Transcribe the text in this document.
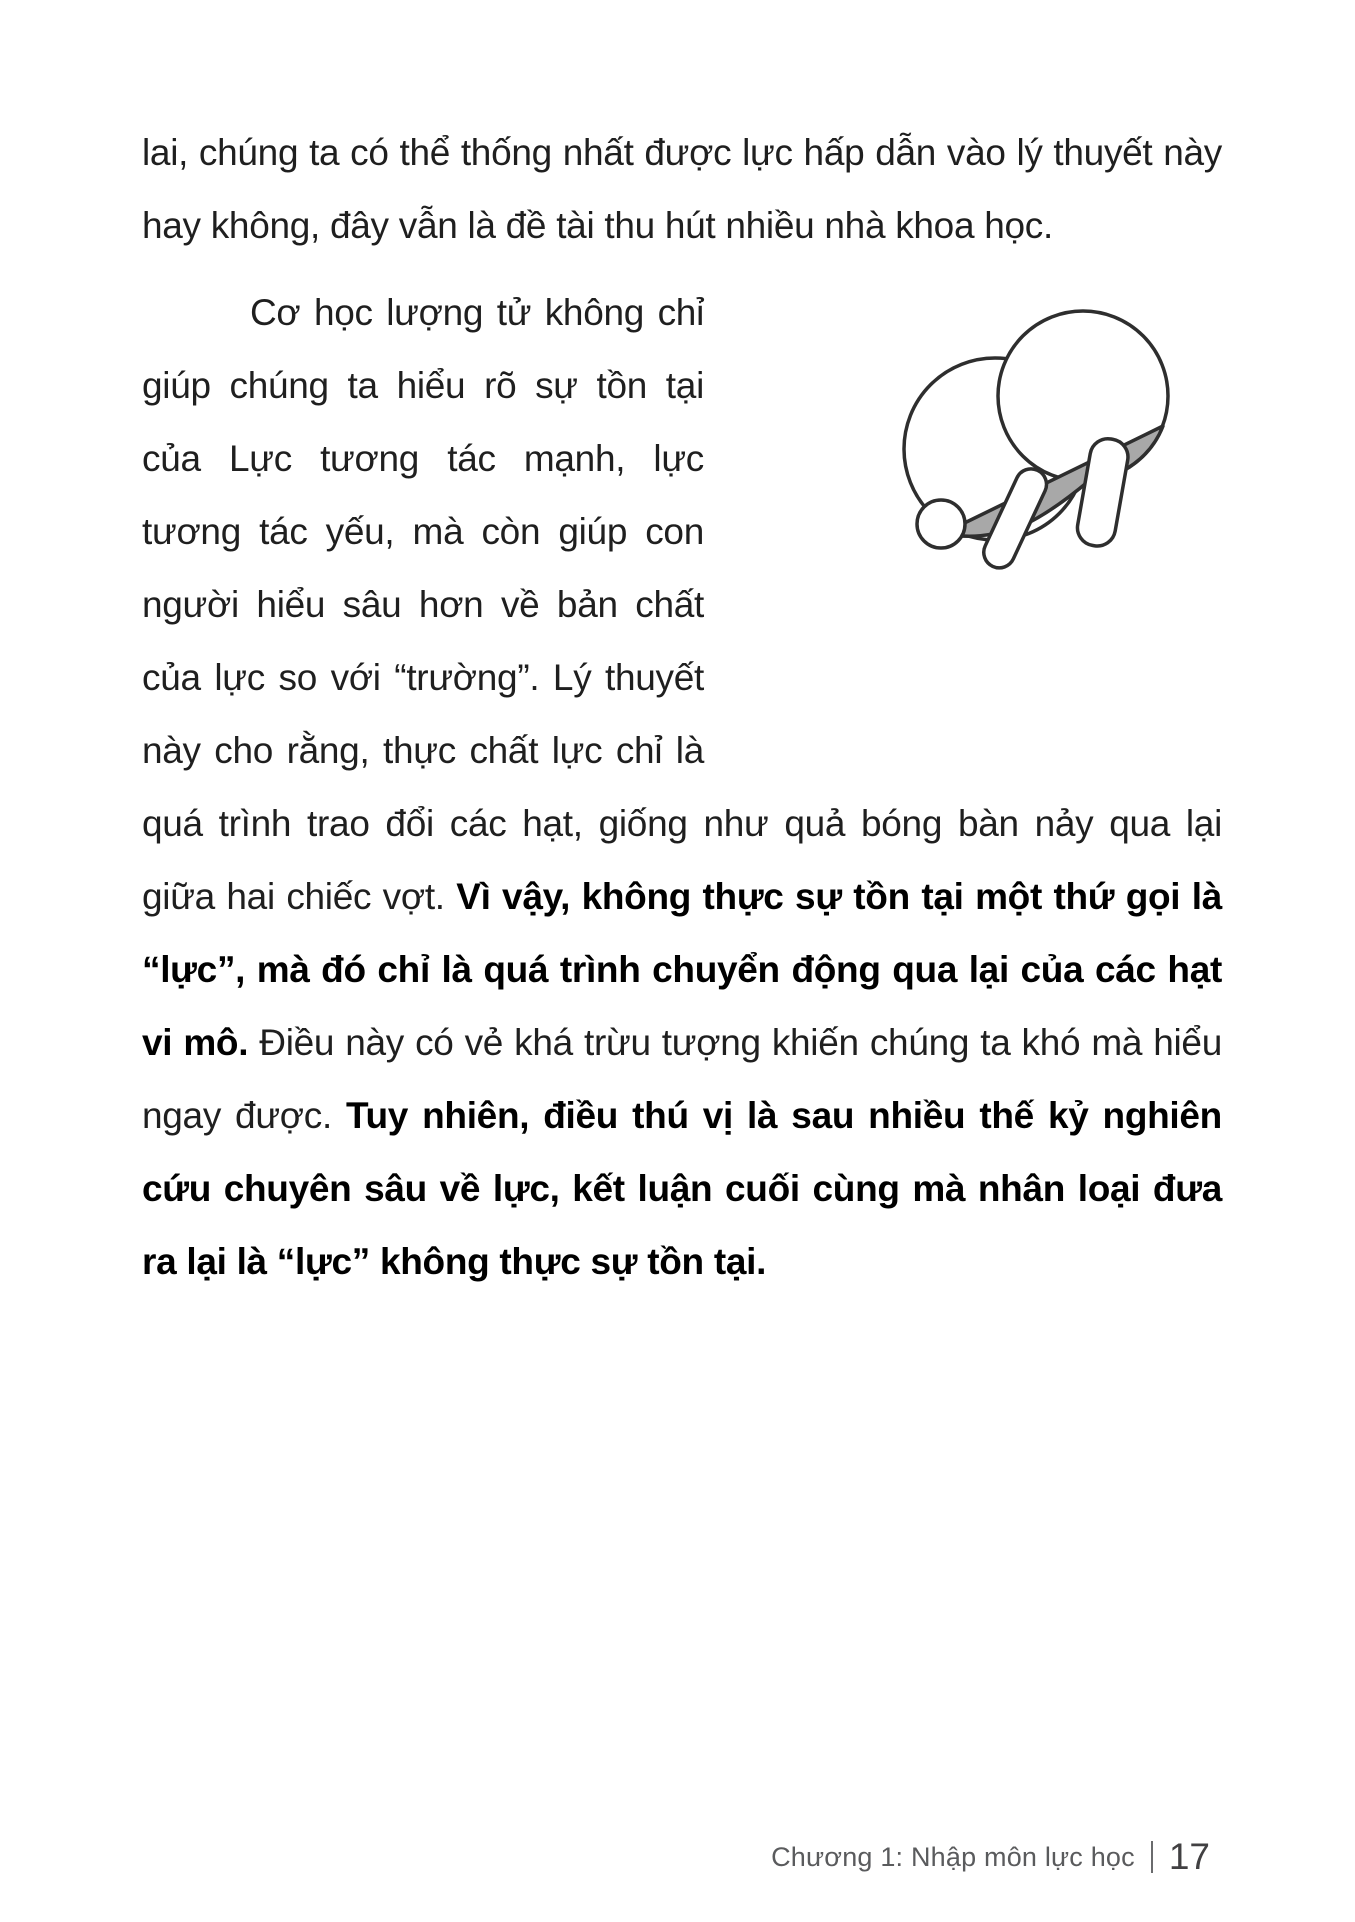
lai, chúng ta có thể thống nhất được lực hấp dẫn vào lý thuyết này hay không, đây vẫn là đề tài thu hút nhiều nhà khoa học.
Cơ học lượng tử không chỉ giúp chúng ta hiểu rõ sự tồn tại của Lực tương tác mạnh, lực tương tác yếu, mà còn giúp con người hiểu sâu hơn về bản chất của lực so với “trường”. Lý thuyết này cho rằng, thực chất lực chỉ là quá trình trao đổi các hạt, giống như quả bóng bàn nảy qua lại giữa hai chiếc vợt. Vì vậy, không thực sự tồn tại một thứ gọi là “lực”, mà đó chỉ là quá trình chuyển động qua lại của các hạt vi mô. Điều này có vẻ khá trừu tượng khiến chúng ta khó mà hiểu ngay được. Tuy nhiên, điều thú vị là sau nhiều thế kỷ nghiên cứu chuyên sâu về lực, kết luận cuối cùng mà nhân loại đưa ra lại là “lực” không thực sự tồn tại.
Chương 1: Nhập môn lực học 17
